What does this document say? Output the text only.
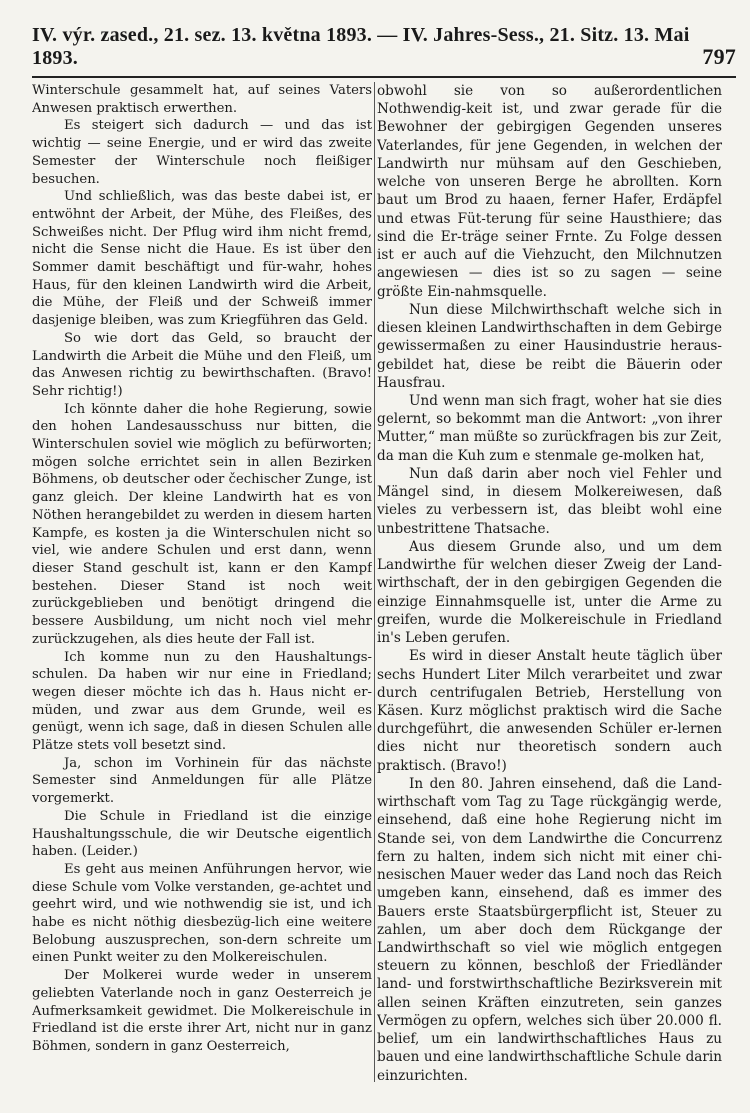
IV. výr. zased., 21. sez. 13. května 1893. — IV. Jahres-Sess., 21. Sitz. 13. Mai 1893.	797

Winterschule gesammelt hat, auf seines Vaters Anwesen praktisch erwerthen.

Es steigert sich dadurch — und das ist wichtig — seine Energie, und er wird das zweite Semester der Winterschule noch fleißiger besuchen.

Und schließlich, was das beste dabei ist, er entwöhnt der Arbeit, der Mühe, des Fleißes, des Schweißes nicht. Der Pflug wird ihm nicht fremd, nicht die Sense nicht die Haue. Es ist über den Sommer damit beschäftigt und für-wahr, hohes Haus, für den kleinen Landwirth wird die Arbeit, die Mühe, der Fleiß und der Schweiß immer dasjenige bleiben, was zum Kriegführen das Geld.

So wie dort das Geld, so braucht der Landwirth die Arbeit die Mühe und den Fleiß, um das Anwesen richtig zu bewirthschaften. (Bravo! Sehr richtig!)

Ich könnte daher die hohe Regierung, sowie den hohen Landesausschuss nur bitten, die Winterschulen soviel wie möglich zu befürworten; mögen solche errichtet sein in allen Bezirken Böhmens, ob deutscher oder čechischer Zunge, ist ganz gleich. Der kleine Landwirth hat es von Nöthen herangebildet zu werden in diesem harten Kampfe, es kosten ja die Winterschulen nicht so viel, wie andere Schulen und erst dann, wenn dieser Stand geschult ist, kann er den Kampf bestehen. Dieser Stand ist noch weit zurückgeblieben und benötigt dringend die bessere Ausbildung, um nicht noch viel mehr zurückzugehen, als dies heute der Fall ist.

Ich komme nun zu den Haushaltungs-schulen. Da haben wir nur eine in Friedland; wegen dieser möchte ich das h. Haus nicht er-müden, und zwar aus dem Grunde, weil es genügt, wenn ich sage, daß in diesen Schulen alle Plätze stets voll besetzt sind.

Ja, schon im Vorhinein für das nächste Semester sind Anmeldungen für alle Plätze vorgemerkt.

Die Schule in Friedland ist die einzige Haushaltungsschule, die wir Deutsche eigentlich haben. (Leider.)

Es geht aus meinen Anführungen hervor, wie diese Schule vom Volke verstanden, ge-achtet und geehrt wird, und wie nothwendig sie ist, und ich habe es nicht nöthig diesbezüg-lich eine weitere Belobung auszusprechen, son-dern schreite um einen Punkt weiter zu den Molkereischulen.

Der Molkerei wurde weder in unserem geliebten Vaterlande noch in ganz Oesterreich je Aufmerksamkeit gewidmet. Die Molkereischule in Friedland ist die erste ihrer Art, nicht nur in ganz Böhmen, sondern in ganz Oesterreich,

obwohl sie von so außerordentlichen Nothwendig-keit ist, und zwar gerade für die Bewohner der gebirgigen Gegenden unseres Vaterlandes, für jene Gegenden, in welchen der Landwirth nur mühsam auf den Geschieben, welche von unseren Berge he abrollten. Korn baut um Brod zu haaen, ferner Hafer, Erdäpfel und etwas Füt-terung für seine Hausthiere; das sind die Er-träge seiner Frnte. Zu Folge dessen ist er auch auf die Viehzucht, den Milchnutzen angewiesen — dies ist so zu sagen — seine größte Ein-nahmsquelle.

Nun diese Milchwirthschaft welche sich in diesen kleinen Landwirthschaften in dem Gebirge gewissermaßen zu einer Hausindustrie heraus-gebildet hat, diese be reibt die Bäuerin oder Hausfrau.

Und wenn man sich fragt, woher hat sie dies gelernt, so bekommt man die Antwort: „von ihrer Mutter,“ man müßte so zurückfragen bis zur Zeit, da man die Kuh zum e stenmale ge-molken hat,

Nun daß darin aber noch viel Fehler und Mängel sind, in diesem Molkereiwesen, daß vieles zu verbessern ist, das bleibt wohl eine unbestrittene Thatsache.

Aus diesem Grunde also, und um dem Landwirthe für welchen dieser Zweig der Land-wirthschaft, der in den gebirgigen Gegenden die einzige Einnahmsquelle ist, unter die Arme zu greifen, wurde die Molkereischule in Friedland in's Leben gerufen.

Es wird in dieser Anstalt heute täglich über sechs Hundert Liter Milch verarbeitet und zwar durch centrifugalen Betrieb, Herstellung von Käsen. Kurz möglichst praktisch wird die Sache durchgeführt, die anwesenden Schüler er-lernen dies nicht nur theoretisch sondern auch praktisch. (Bravo!)

In den 80. Jahren einsehend, daß die Land-wirthschaft vom Tag zu Tage rückgängig werde, einsehend, daß eine hohe Regierung nicht im Stande sei, von dem Landwirthe die Concurrenz fern zu halten, indem sich nicht mit einer chi-nesischen Mauer weder das Land noch das Reich umgeben kann, einsehend, daß es immer des Bauers erste Staatsbürgerpflicht ist, Steuer zu zahlen, um aber doch dem Rückgange der Landwirthschaft so viel wie möglich entgegen steuern zu können, beschloß der Friedländer land- und forstwirthschaftliche Bezirksverein mit allen seinen Kräften einzutreten, sein ganzes Vermögen zu opfern, welches sich über 20.000 fl. belief, um ein landwirthschaftliches Haus zu bauen und eine landwirthschaftliche Schule darin einzurichten.
